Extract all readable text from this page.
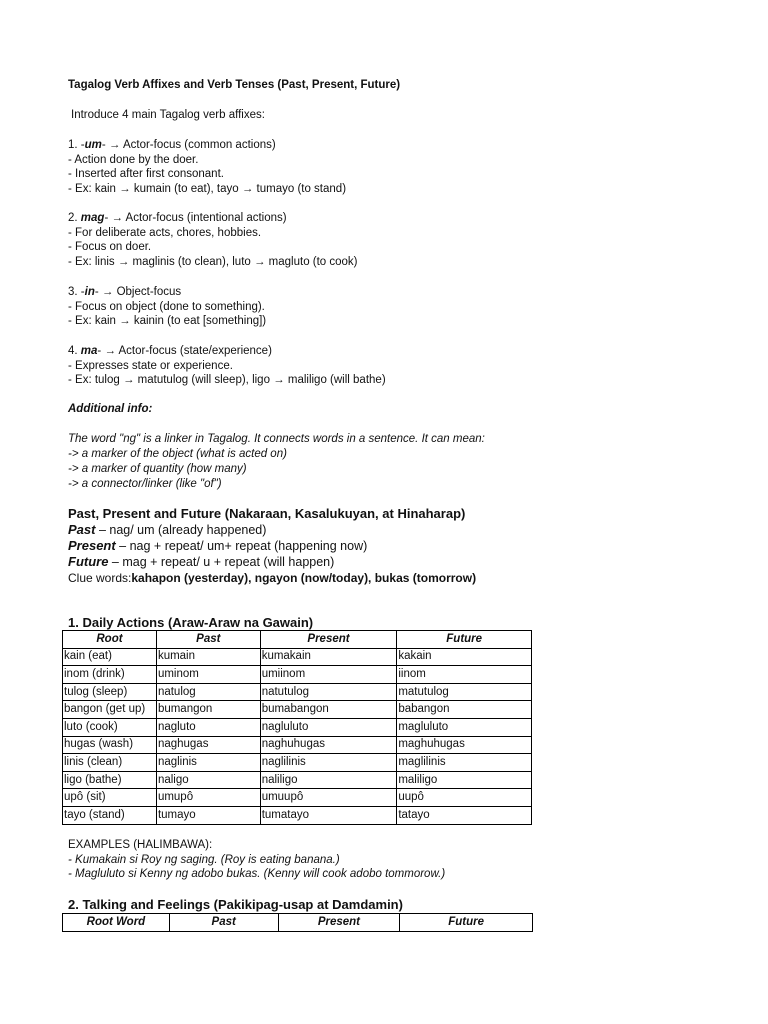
Tagalog Verb Affixes and Verb Tenses (Past, Present, Future)
Introduce 4 main Tagalog verb affixes:
1. -um- → Actor-focus (common actions)
- Action done by the doer.
- Inserted after first consonant.
- Ex: kain → kumain (to eat), tayo → tumayo (to stand)
2. mag- → Actor-focus (intentional actions)
- For deliberate acts, chores, hobbies.
- Focus on doer.
- Ex: linis → maglinis (to clean), luto → magluto (to cook)
3. -in- → Object-focus
- Focus on object (done to something).
- Ex: kain → kainin (to eat [something])
4. ma- → Actor-focus (state/experience)
- Expresses state or experience.
- Ex: tulog → matutulog (will sleep), ligo → maliligo (will bathe)
Additional info:
The word "ng" is a linker in Tagalog. It connects words in a sentence. It can mean:
-> a marker of the object (what is acted on)
-> a marker of quantity (how many)
-> a connector/linker (like "of")
Past, Present and Future (Nakaraan, Kasalukuyan, at Hinaharap)
Past – nag/ um (already happened)
Present – nag + repeat/ um+ repeat (happening now)
Future – mag + repeat/ u + repeat (will happen)
Clue words:kahapon (yesterday), ngayon (now/today), bukas (tomorrow)
1. Daily Actions (Araw-Araw na Gawain)
Root	Past	Present	Future
kain (eat)	kumain	kumakain	kakain
inom (drink)	uminom	umiinom	iinom
tulog (sleep)	natulog	natutulog	matutulog
bangon (get up)	bumangon	bumabangon	babangon
luto (cook)	nagluto	nagluluto	magluluto
hugas (wash)	naghugas	naghuhugas	maghuhugas
linis (clean)	naglinis	naglilinis	maglilinis
ligo (bathe)	naligo	naliligo	maliligo
upô (sit)	umupô	umuupô	uupô
tayo (stand)	tumayo	tumatayo	tatayo
EXAMPLES (HALIMBAWA):
- Kumakain si Roy ng saging. (Roy is eating banana.)
- Magluluto si Kenny ng adobo bukas. (Kenny will cook adobo tommorow.)
2. Talking and Feelings (Pakikipag-usap at Damdamin)
Root Word	Past	Present	Future
